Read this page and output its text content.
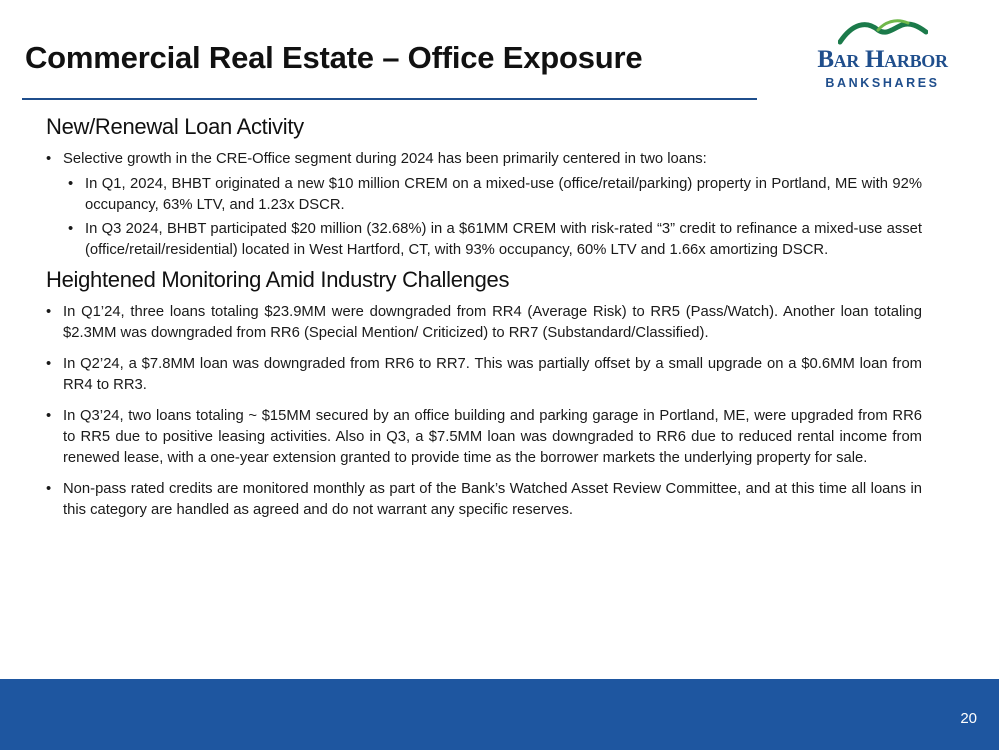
Commercial Real Estate – Office Exposure	Bar Harbor
BANKSHARES
New/Renewal Loan Activity
• Selective growth in the CRE-Office segment during 2024 has been primarily centered in two loans:
• In Q1, 2024, BHBT originated a new $10 million CREM on a mixed-use (office/retail/parking) property in Portland, ME with 92% occupancy, 63% LTV, and 1.23x DSCR.
• In Q3 2024, BHBT participated $20 million (32.68%) in a $61MM CREM with risk-rated “3” credit to refinance a mixed-use asset (office/retail/residential) located in West Hartford, CT, with 93% occupancy, 60% LTV and 1.66x amortizing DSCR.
Heightened Monitoring Amid Industry Challenges
• In Q1’24, three loans totaling $23.9MM were downgraded from RR4 (Average Risk) to RR5 (Pass/Watch). Another loan totaling $2.3MM was downgraded from RR6 (Special Mention/ Criticized) to RR7 (Substandard/Classified).
• In Q2’24, a $7.8MM loan was downgraded from RR6 to RR7. This was partially offset by a small upgrade on a $0.6MM loan from RR4 to RR3.
• In Q3’24, two loans totaling ~ $15MM secured by an office building and parking garage in Portland, ME, were upgraded from RR6 to RR5 due to positive leasing activities. Also in Q3, a $7.5MM loan was downgraded to RR6 due to reduced rental income from renewed lease, with a one-year extension granted to provide time as the borrower markets the underlying property for sale.
• Non-pass rated credits are monitored monthly as part of the Bank’s Watched Asset Review Committee, and at this time all loans in this category are handled as agreed and do not warrant any specific reserves.
20
